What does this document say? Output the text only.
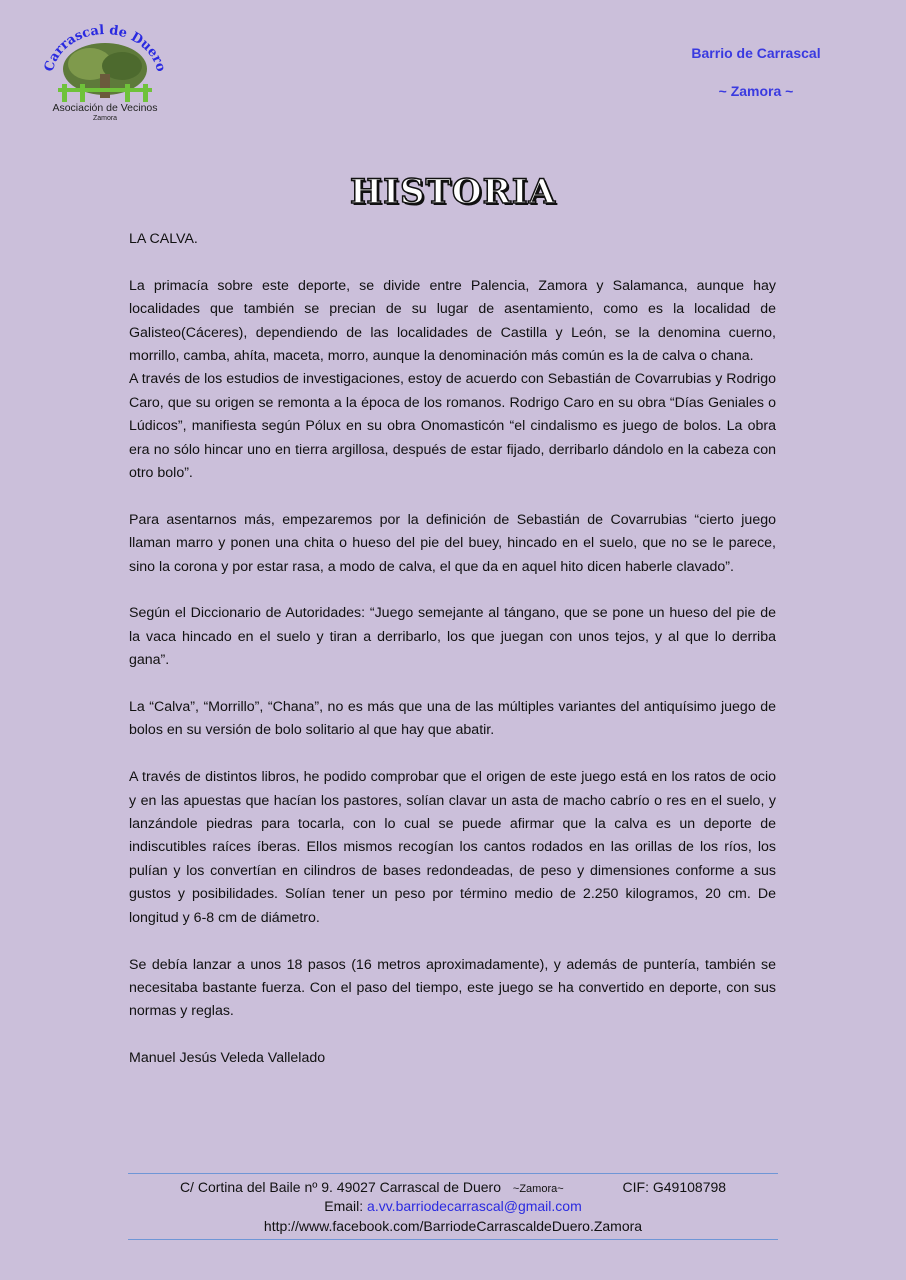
Carrascal de Duero
Asociación de Vecinos
Zamora
Barrio de Carrascal
~ Zamora ~
HISTORIA

LA CALVA.

La primacía sobre este deporte, se divide entre Palencia, Zamora y Salamanca, aunque hay localidades que también se precian de su lugar de asentamiento, como es la localidad de Galisteo(Cáceres), dependiendo de las localidades de Castilla y León, se la denomina cuerno, morrillo, camba, ahíta, maceta, morro, aunque la denominación más común es la de calva o chana.

A través de los estudios de investigaciones, estoy de acuerdo con Sebastián de Covarrubias y Rodrigo Caro, que su origen se remonta a la época de los romanos. Rodrigo Caro en su obra “Días Geniales o Lúdicos”, manifiesta según Pólux en su obra Onomasticón “el cindalismo es juego de bolos. La obra era no sólo hincar uno en tierra argillosa, después de estar fijado, derribarlo dándolo en la cabeza con otro bolo”.

Para asentarnos más, empezaremos por la definición de Sebastián de Covarrubias “cierto juego llaman marro y ponen una chita o hueso del pie del buey, hincado en el suelo, que no se le parece, sino la corona y por estar rasa, a modo de calva, el que da en aquel hito dicen haberle clavado”.

Según el Diccionario de Autoridades: “Juego semejante al tángano, que se pone un hueso del pie de la vaca hincado en el suelo y tiran a derribarlo, los que juegan con unos tejos, y al que lo derriba gana”.

La “Calva”, “Morrillo”, “Chana”, no es más que una de las múltiples variantes del antiquísimo juego de bolos en su versión de bolo solitario al que hay que abatir.

A través de distintos libros, he podido comprobar que el origen de este juego está en los ratos de ocio y en las apuestas que hacían los pastores, solían clavar un asta de macho cabrío o res en el suelo, y lanzándole piedras para tocarla, con lo cual se puede afirmar que la calva es un deporte de indiscutibles raíces íberas. Ellos mismos recogían los cantos rodados en las orillas de los ríos, los pulían y los convertían en cilindros de bases redondeadas, de peso y dimensiones conforme a sus gustos y posibilidades. Solían tener un peso por término medio de 2.250 kilogramos, 20 cm. De longitud y 6-8 cm de diámetro.

Se debía lanzar a unos 18 pasos (16 metros aproximadamente), y además de puntería, también se necesitaba bastante fuerza. Con el paso del tiempo, este juego se ha convertido en deporte, con sus normas y reglas.

Manuel Jesús Veleda Vallelado

C/ Cortina del Baile nº 9. 49027 Carrascal de Duero ~Zamora~	CIF: G49108798
Email: a.vv.barriodecarrascal@gmail.com
http://www.facebook.com/BarriodeCarrascaldeDuero.Zamora
